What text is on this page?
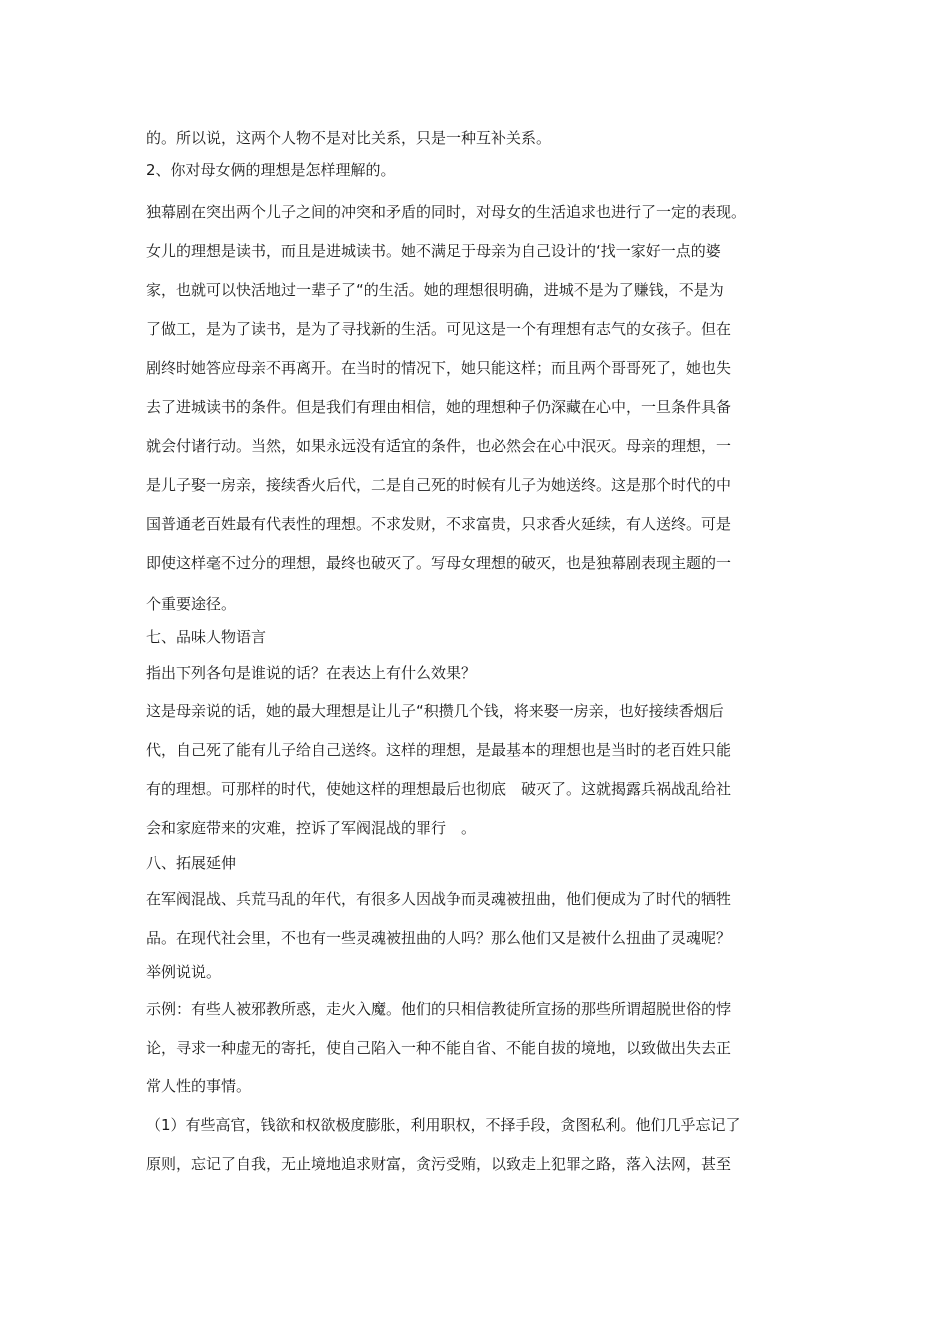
的。所以说，这两个人物不是对比关系，只是一种互补关系。
2、你对母女俩的理想是怎样理解的。
独幕剧在突出两个儿子之间的冲突和矛盾的同时，对母女的生活追求也进行了一定的表现。
女儿的理想是读书，而且是进城读书。她不满足于母亲为自己设计的‘找一家好一点的婆
家，也就可以快活地过一辈子了“的生活。她的理想很明确，进城不是为了赚钱，不是为
了做工，是为了读书，是为了寻找新的生活。可见这是一个有理想有志气的女孩子。但在
剧终时她答应母亲不再离开。在当时的情况下，她只能这样；而且两个哥哥死了，她也失
去了进城读书的条件。但是我们有理由相信，她的理想种子仍深藏在心中，一旦条件具备
就会付诸行动。当然，如果永远没有适宜的条件，也必然会在心中泯灭。母亲的理想，一
是儿子娶一房亲，接续香火后代，二是自己死的时候有儿子为她送终。这是那个时代的中
国普通老百姓最有代表性的理想。不求发财，不求富贵，只求香火延续，有人送终。可是
即使这样毫不过分的理想，最终也破灭了。写母女理想的破灭，也是独幕剧表现主题的一
个重要途径。
七、品味人物语言
指出下列各句是谁说的话？在表达上有什么效果？
这是母亲说的话，她的最大理想是让儿子“积攒几个钱，将来娶一房亲，也好接续香烟后
代，自己死了能有儿子给自己送终。这样的理想，是最基本的理想也是当时的老百姓只能
有的理想。可那样的时代，使她这样的理想最后也彻底　破灭了。这就揭露兵祸战乱给社
会和家庭带来的灾难，控诉了军阀混战的罪行　。
八、拓展延伸
在军阀混战、兵荒马乱的年代，有很多人因战争而灵魂被扭曲，他们便成为了时代的牺牲
品。在现代社会里，不也有一些灵魂被扭曲的人吗？那么他们又是被什么扭曲了灵魂呢？
举例说说。
示例：有些人被邪教所惑，走火入魔。他们的只相信教徒所宣扬的那些所谓超脱世俗的悖
论，寻求一种虚无的寄托，使自己陷入一种不能自省、不能自拔的境地，以致做出失去正
常人性的事情。
（1）有些高官，钱欲和权欲极度膨胀，利用职权，不择手段，贪图私利。他们几乎忘记了
原则，忘记了自我，无止境地追求财富，贪污受贿，以致走上犯罪之路，落入法网，甚至
